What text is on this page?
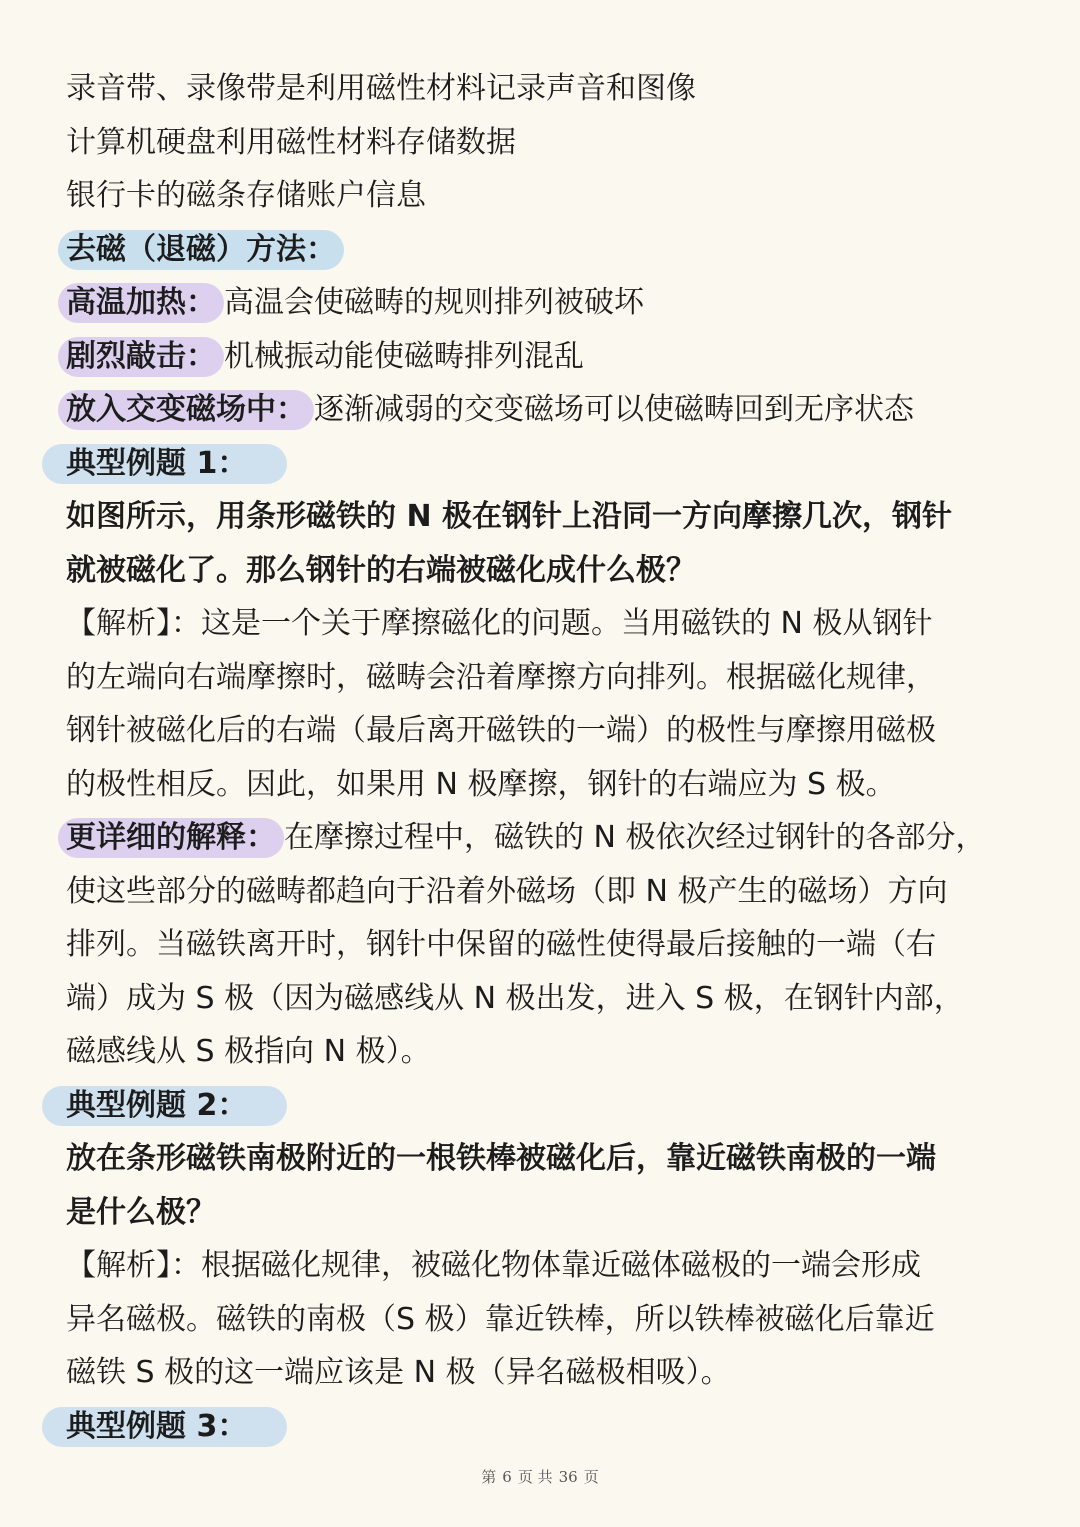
录音带、录像带是利用磁性材料记录声音和图像
计算机硬盘利用磁性材料存储数据
银行卡的磁条存储账户信息
去磁（退磁）方法：
高温加热： 高温会使磁畴的规则排列被破坏
剧烈敲击： 机械振动能使磁畴排列混乱
放入交变磁场中： 逐渐减弱的交变磁场可以使磁畴回到无序状态
典型例题 1：
如图所示，用条形磁铁的 N 极在钢针上沿同一方向摩擦几次，钢针
就被磁化了。那么钢针的右端被磁化成什么极？
【解析】：这是一个关于摩擦磁化的问题。当用磁铁的 N 极从钢针
的左端向右端摩擦时，磁畴会沿着摩擦方向排列。根据磁化规律，
钢针被磁化后的右端（最后离开磁铁的一端）的极性与摩擦用磁极
的极性相反。因此，如果用 N 极摩擦，钢针的右端应为 S 极。
更详细的解释： 在摩擦过程中，磁铁的 N 极依次经过钢针的各部分，
使这些部分的磁畴都趋向于沿着外磁场（即 N 极产生的磁场）方向
排列。当磁铁离开时，钢针中保留的磁性使得最后接触的一端（右
端）成为 S 极（因为磁感线从 N 极出发，进入 S 极，在钢针内部，
磁感线从 S 极指向 N 极）。
典型例题 2：
放在条形磁铁南极附近的一根铁棒被磁化后，靠近磁铁南极的一端
是什么极？
【解析】：根据磁化规律，被磁化物体靠近磁体磁极的一端会形成
异名磁极。磁铁的南极（S 极）靠近铁棒，所以铁棒被磁化后靠近
磁铁 S 极的这一端应该是 N 极（异名磁极相吸）。
典型例题 3：
第 6 页 共 36 页
